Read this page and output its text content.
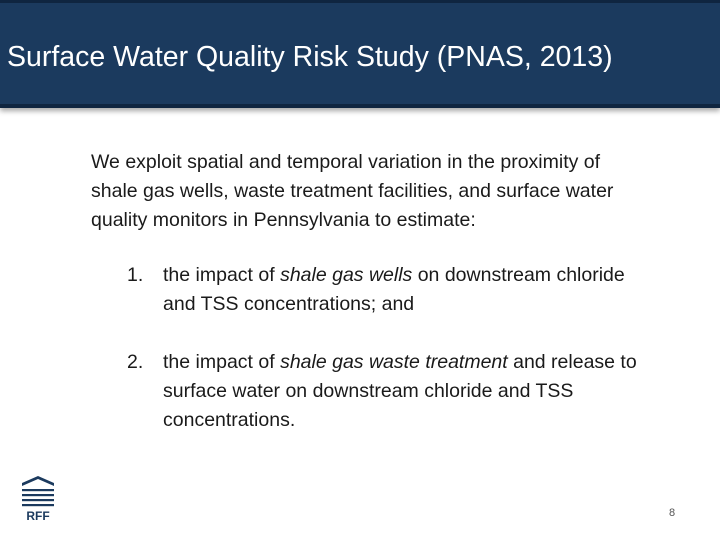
Surface Water Quality Risk Study (PNAS, 2013)

We exploit spatial and temporal variation in the proximity of shale gas wells, waste treatment facilities, and surface water quality monitors in Pennsylvania to estimate:

1. the impact of shale gas wells on downstream chloride and TSS concentrations; and
2. the impact of shale gas waste treatment and release to surface water on downstream chloride and TSS concentrations.
RFF	8
